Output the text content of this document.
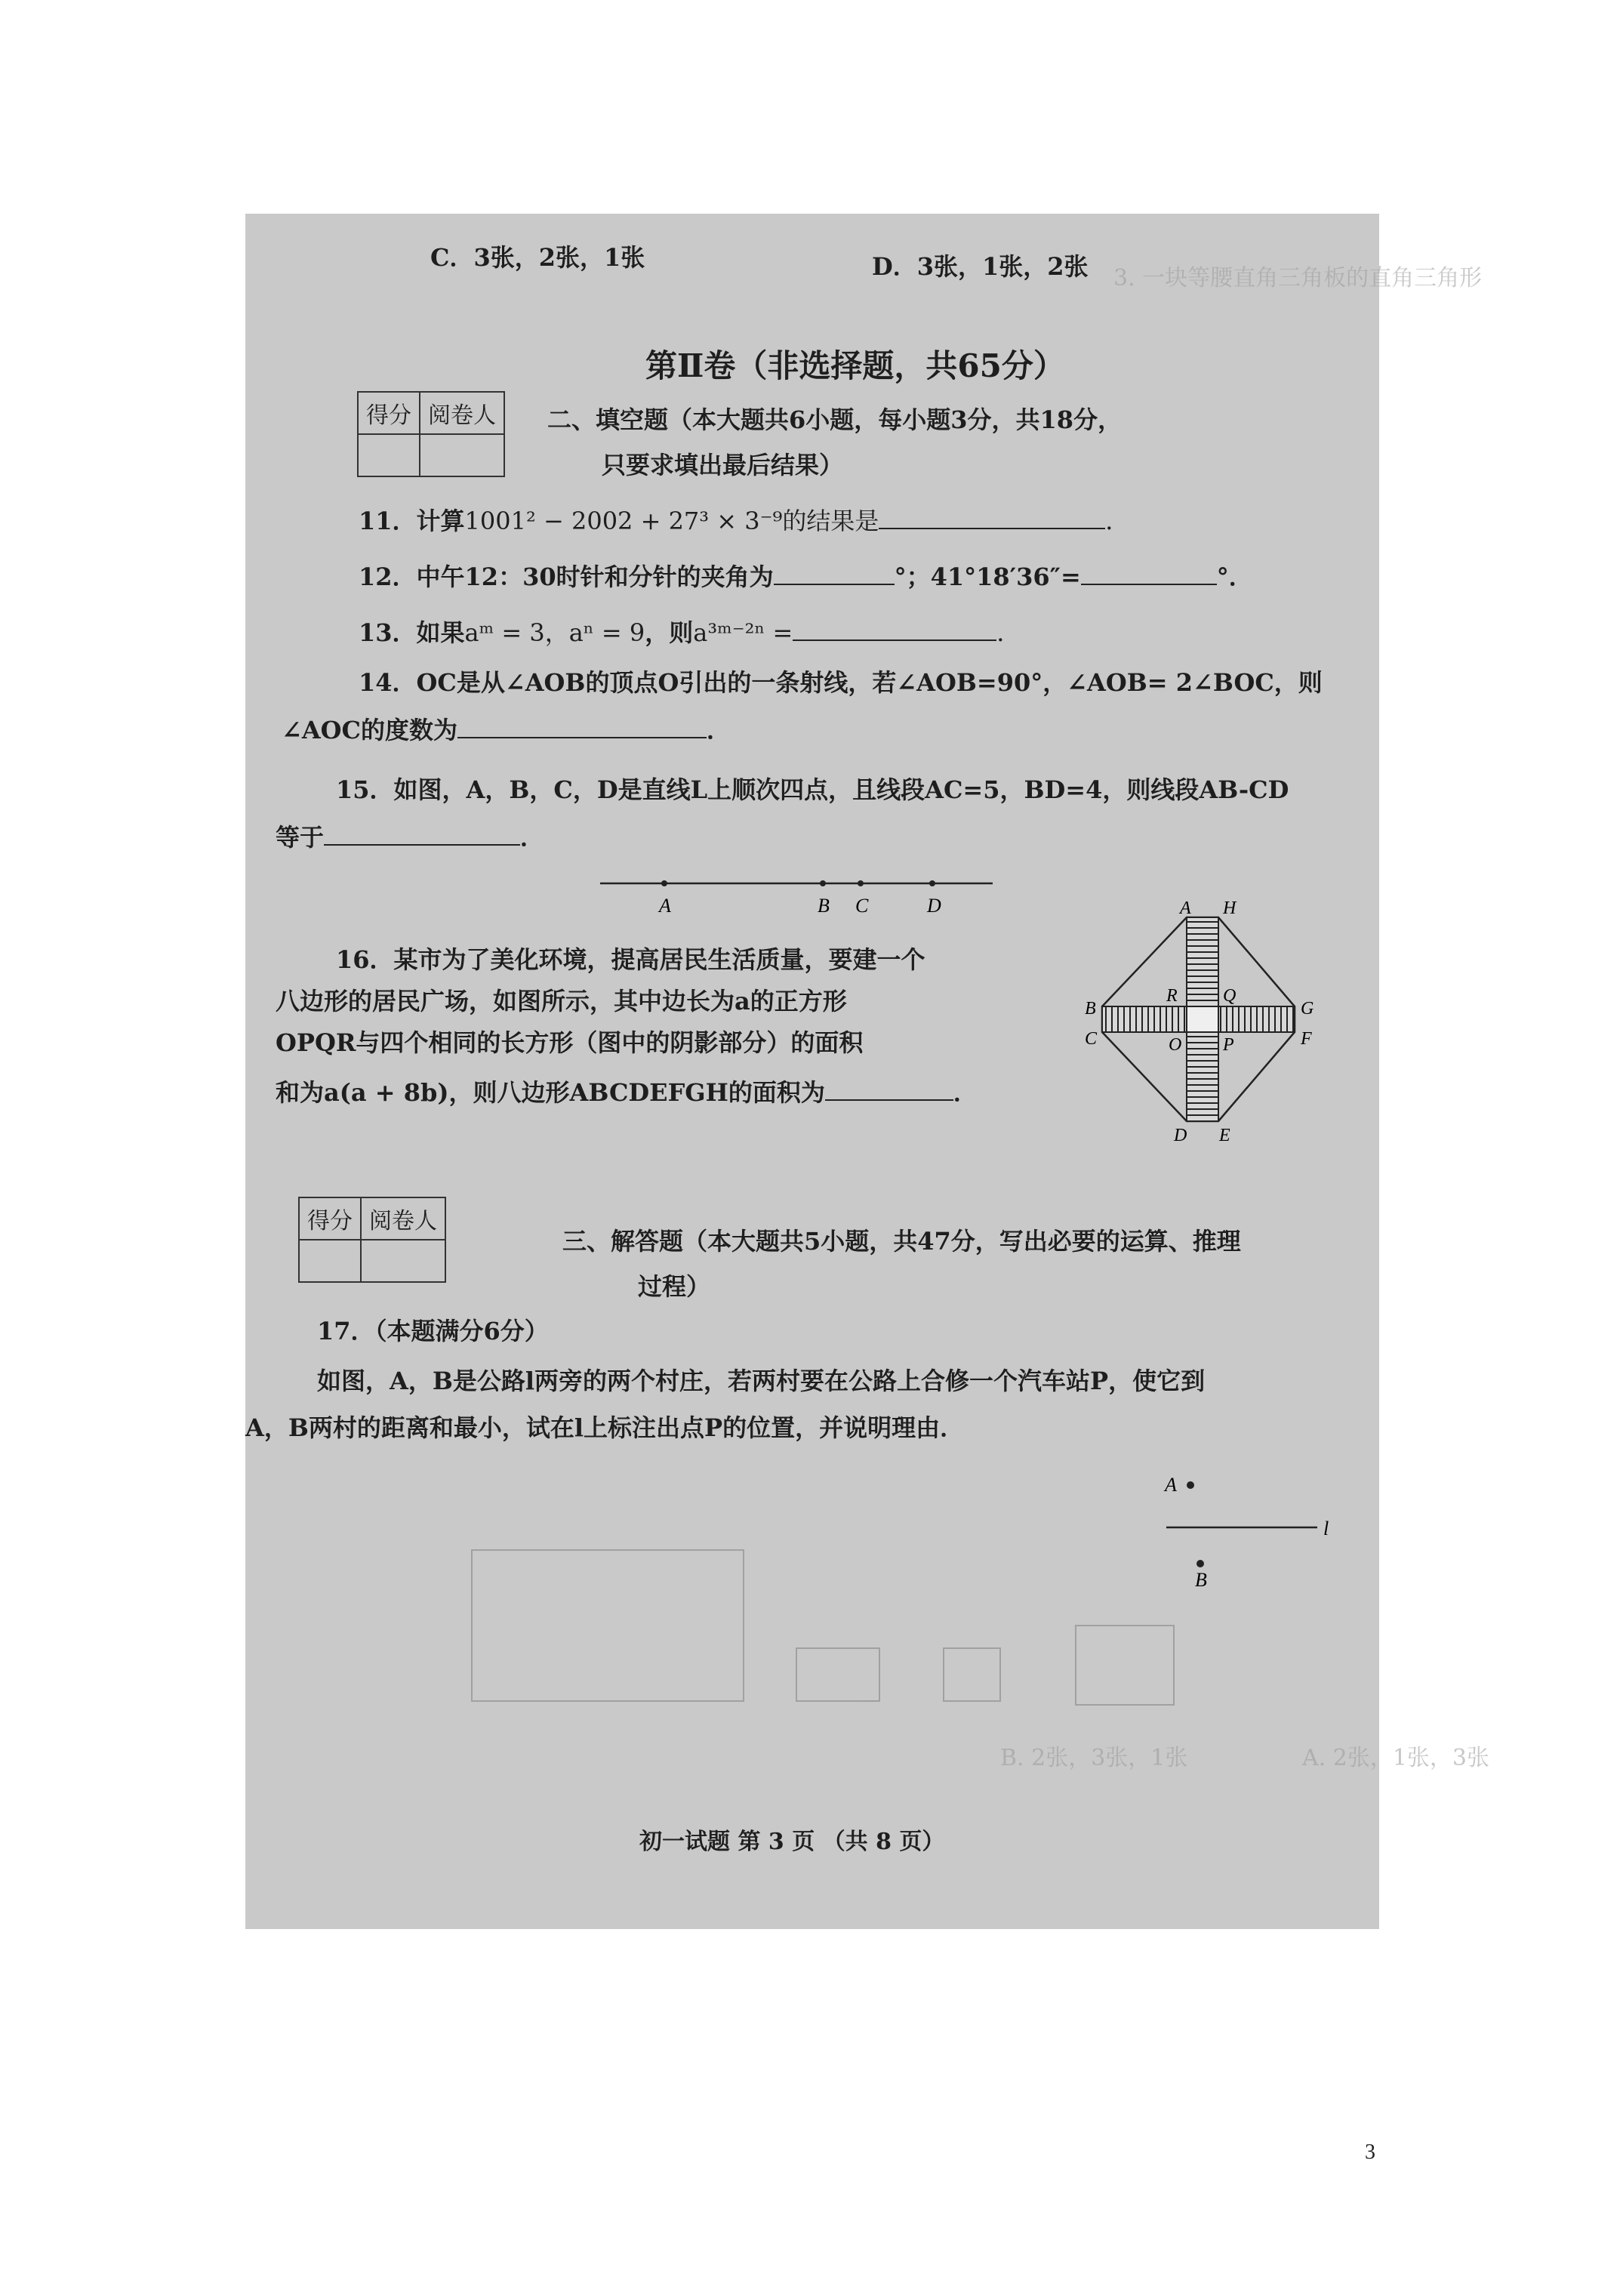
3. 一块等腰直角三角板的直角三角形
A. 2张，1张，3张
B. 2张，3张，1张
C．3张，2张，1张	D．3张，1张，2张
第Ⅱ卷（非选择题，共65分）
得分	阅卷人
	二、填空题（本大题共6小题，每小题3分，共18分，
只要求填出最后结果）
11．计算1001² − 2002 + 27³ × 3⁻⁹的结果是	．
12．中午12：30时针和分针的夹角为	°；41°18′36″=	°．
13．如果aᵐ = 3，aⁿ = 9，则a³ᵐ⁻²ⁿ =	．
14．OC是从∠AOB的顶点O引出的一条射线，若∠AOB=90°，∠AOB= 2∠BOC，则
∠AOC的度数为	．
15．如图，A，B，C，D是直线L上顺次四点，且线段AC=5，BD=4，则线段AB-CD
等于	．
A	B C	D
16．某市为了美化环境，提高居民生活质量，要建一个
八边形的居民广场，如图所示，其中边长为a的正方形
OPQR与四个相同的长方形（图中的阴影部分）的面积
和为a(a + 8b)，则八边形ABCDEFGH的面积为	．
A H
B
R	Q
G
C	O P	F
D E
得分	阅卷人

三、解答题（本大题共5小题，共47分，写出必要的运算、推理
过程）
17．（本题满分6分）
如图，A，B是公路l两旁的两个村庄，若两村要在公路上合修一个汽车站P，使它到
A，B两村的距离和最小，试在l上标注出点P的位置，并说明理由．
A
l
B
初一试题 第 3 页 （共 8 页）
3
